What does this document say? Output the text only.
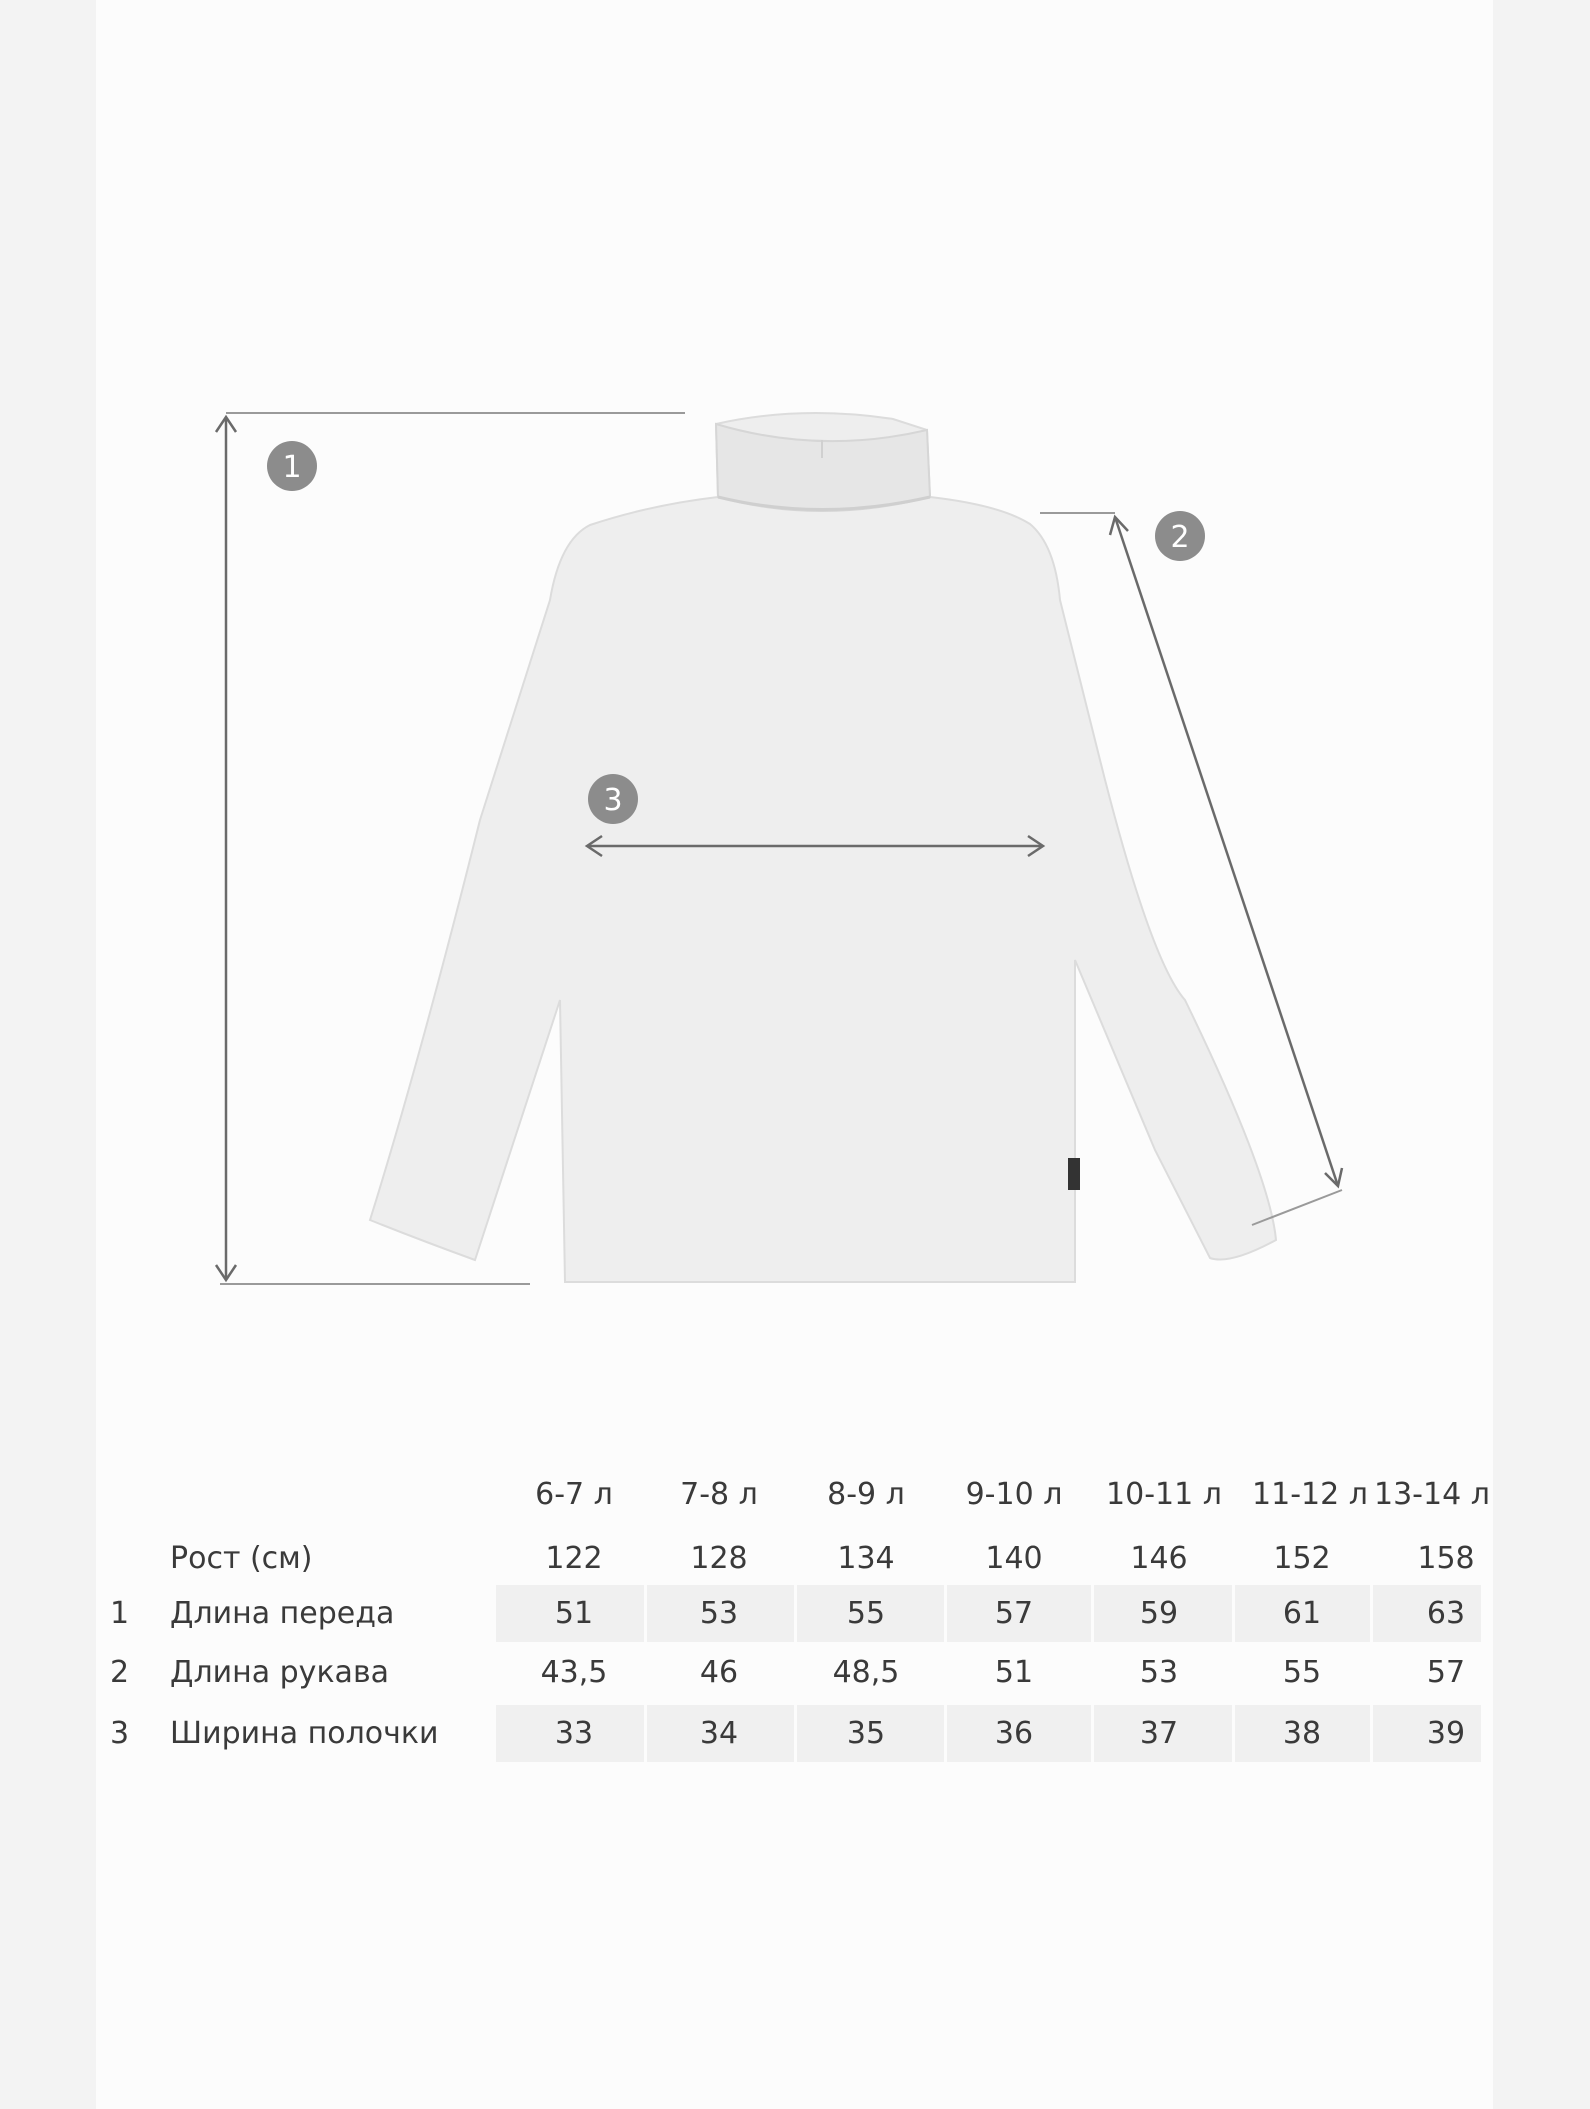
1
2
3
6-7 л	7-8 л	8-9 л	9-10 л	10-11 л	11-12 л 13-14 л
Рост (см)	122	128	134	140	146	152	158
1	Длина переда	51	53	55	57	59	61	63
2	Длина рукава	43,5	46	48,5	51	53	55	57
3	Ширина полочки	33	34	35	36	37	38	39
